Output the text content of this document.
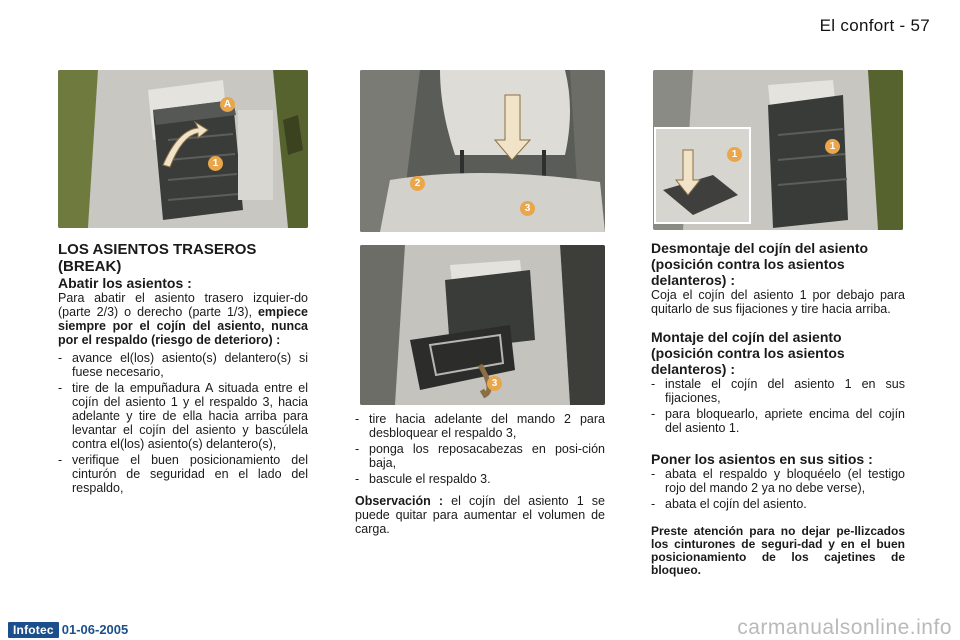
El confort - 57
A
1
2
3
3
1
1

LOS ASIENTOS TRASEROS (BREAK)

Abatir los asientos :

Para abatir el asiento trasero izquier-do (parte 2/3) o derecho (parte 1/3), empiece siempre por el cojín del asiento, nunca por el respaldo (riesgo de deterioro) :

- avance el(los) asiento(s) delantero(s) si fuese necesario,
- tire de la empuñadura A situada entre el cojín del asiento 1 y el respaldo 3, hacia adelante y tire de ella hacia arriba para levantar el cojín del asiento y bascúlela contra el(los) asiento(s) delantero(s),
- verifique el buen posicionamiento del cinturón de seguridad en el lado del respaldo,
- tire hacia adelante del mando 2 para desbloquear el respaldo 3,
- ponga los reposacabezas en posi-ción baja,
- bascule el respaldo 3.

Observación : el cojín del asiento 1 se puede quitar para aumentar el volumen de carga.

Desmontaje del cojín del asiento (posición contra los asientos delanteros) :

Coja el cojín del asiento 1 por debajo para quitarlo de sus fijaciones y tire hacia arriba.

Montaje del cojín del asiento (posición contra los asientos delanteros) :

- instale el cojín del asiento 1 en sus fijaciones,
- para bloquearlo, apriete encima del cojín del asiento 1.

Poner los asientos en sus sitios :

- abata el respaldo y bloquéelo (el testigo rojo del mando 2 ya no debe verse),
- abata el cojín del asiento.

Preste atención para no dejar pe-llizcados los cinturones de seguri-dad y en el buen posicionamiento de los cajetines de bloqueo.

Infotec 01-06-2005	carmanualsonline.info
